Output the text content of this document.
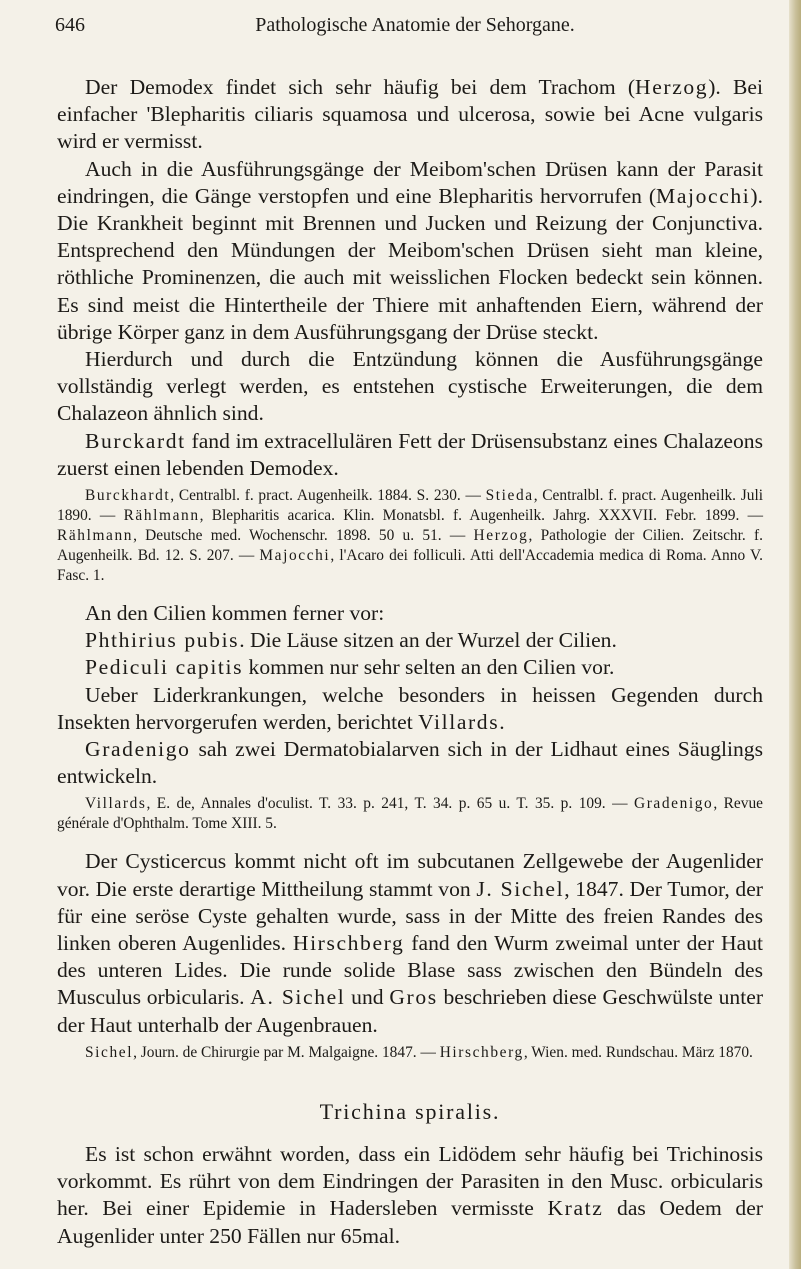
646	Pathologische Anatomie der Sehorgane.

Der Demodex findet sich sehr häufig bei dem Trachom (Herzog). Bei einfacher 'Blepharitis ciliaris squamosa und ulcerosa, sowie bei Acne vulgaris wird er vermisst.

Auch in die Ausführungsgänge der Meibom'schen Drüsen kann der Parasit eindringen, die Gänge verstopfen und eine Blepharitis hervorrufen (Majocchi). Die Krankheit beginnt mit Brennen und Jucken und Reizung der Conjunctiva. Entsprechend den Mündungen der Meibom'schen Drüsen sieht man kleine, röthliche Prominenzen, die auch mit weisslichen Flocken bedeckt sein können. Es sind meist die Hintertheile der Thiere mit anhaftenden Eiern, während der übrige Körper ganz in dem Ausführungsgang der Drüse steckt.

Hierdurch und durch die Entzündung können die Ausführungsgänge vollständig verlegt werden, es entstehen cystische Erweiterungen, die dem Chalazeon ähnlich sind.

Burckardt fand im extracellulären Fett der Drüsensubstanz eines Chalazeons zuerst einen lebenden Demodex.

Burckhardt, Centralbl. f. pract. Augenheilk. 1884. S. 230. — Stieda, Centralbl. f. pract. Augenheilk. Juli 1890. — Rählmann, Blepharitis acarica. Klin. Monatsbl. f. Augenheilk. Jahrg. XXXVII. Febr. 1899. — Rählmann, Deutsche med. Wochenschr. 1898. 50 u. 51. — Herzog, Pathologie der Cilien. Zeitschr. f. Augenheilk. Bd. 12. S. 207. — Majocchi, l'Acaro dei folliculi. Atti dell'Accademia medica di Roma. Anno V. Fasc. 1.

An den Cilien kommen ferner vor:

Phthirius pubis. Die Läuse sitzen an der Wurzel der Cilien.

Pediculi capitis kommen nur sehr selten an den Cilien vor.

Ueber Liderkrankungen, welche besonders in heissen Gegenden durch Insekten hervorgerufen werden, berichtet Villards.

Gradenigo sah zwei Dermatobialarven sich in der Lidhaut eines Säuglings entwickeln.

Villards, E. de, Annales d'oculist. T. 33. p. 241, T. 34. p. 65 u. T. 35. p. 109. — Gradenigo, Revue générale d'Ophthalm. Tome XIII. 5.

Der Cysticercus kommt nicht oft im subcutanen Zellgewebe der Augenlider vor. Die erste derartige Mittheilung stammt von J. Sichel, 1847. Der Tumor, der für eine seröse Cyste gehalten wurde, sass in der Mitte des freien Randes des linken oberen Augenlides. Hirschberg fand den Wurm zweimal unter der Haut des unteren Lides. Die runde solide Blase sass zwischen den Bündeln des Musculus orbicularis. A. Sichel und Gros beschrieben diese Geschwülste unter der Haut unterhalb der Augenbrauen.

Sichel, Journ. de Chirurgie par M. Malgaigne. 1847. — Hirschberg, Wien. med. Rundschau. März 1870.

Trichina spiralis.

Es ist schon erwähnt worden, dass ein Lidödem sehr häufig bei Trichinosis vorkommt. Es rührt von dem Eindringen der Parasiten in den Musc. orbicularis her. Bei einer Epidemie in Hadersleben vermisste Kratz das Oedem der Augenlider unter 250 Fällen nur 65mal.
